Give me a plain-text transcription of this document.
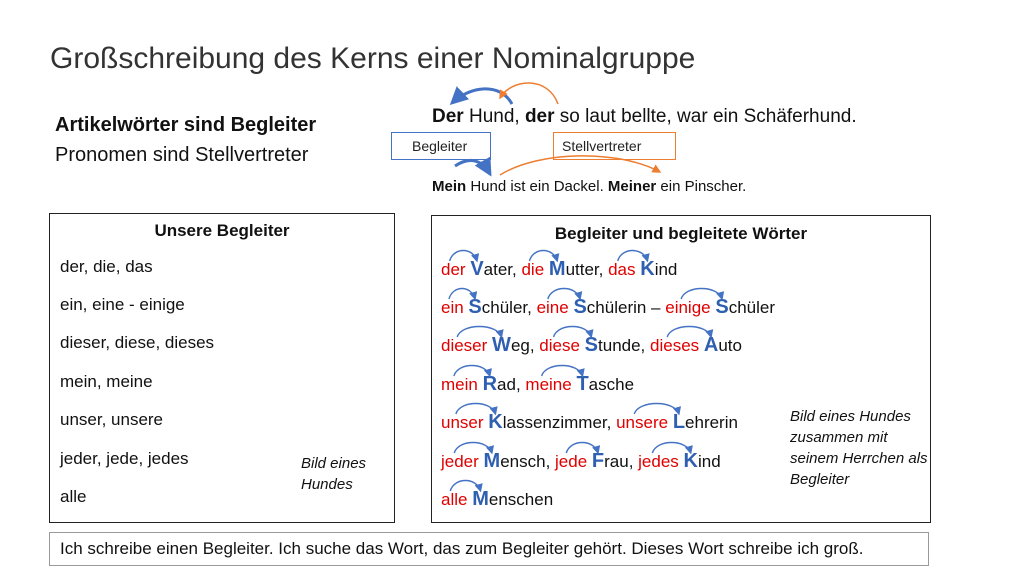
Großschreibung des Kerns einer Nominalgruppe
Artikelwörter sind Begleiter
Pronomen sind Stellvertreter
Der Hund, der so laut bellte, war ein Schäferhund.
Begleiter	Stellvertreter
Mein Hund ist ein Dackel. Meiner ein Pinscher.
Unsere Begleiter
der, die, das
ein, eine - einige
dieser, diese, dieses
mein, meine
unser, unsere
jeder, jede, jedes
alle
Bild eines Hundes
Begleiter und begleitete Wörter
der Vater, die Mutter, das Kind
ein Schüler, eine Schülerin – einige Schüler
dieser Weg, diese Stunde, dieses Auto
mein Rad, meine Tasche
unser Klassenzimmer, unsere Lehrerin
jeder Mensch, jede Frau, jedes Kind
alle Menschen
Bild eines Hundes zusammen mit seinem Herrchen als Begleiter
Ich schreibe einen Begleiter. Ich suche das Wort, das zum Begleiter gehört. Dieses Wort schreibe ich groß.
